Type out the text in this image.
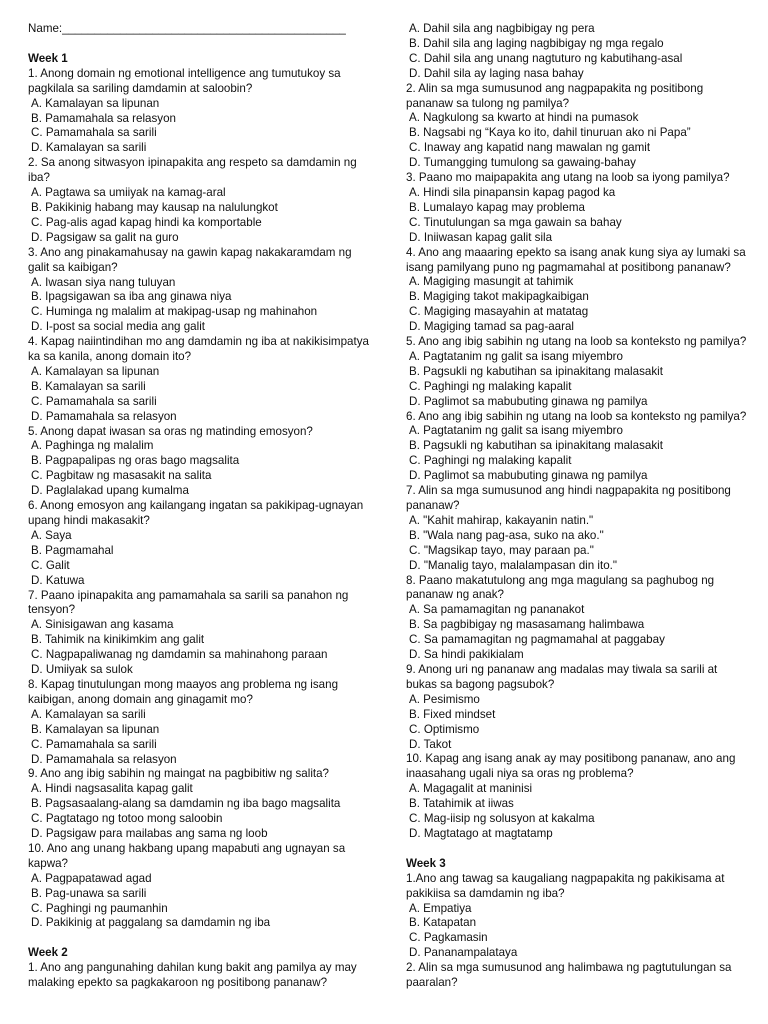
Name:____________________________________________
Week 1
1. Anong domain ng emotional intelligence ang tumutukoy sa
pagkilala sa sariling damdamin at saloobin?
A. Kamalayan sa lipunan
B. Pamamahala sa relasyon
C. Pamamahala sa sarili
D. Kamalayan sa sarili
2. Sa anong sitwasyon ipinapakita ang respeto sa damdamin ng
iba?
A. Pagtawa sa umiiyak na kamag-aral
B. Pakikinig habang may kausap na nalulungkot
C. Pag-alis agad kapag hindi ka komportable
D. Pagsigaw sa galit na guro
3. Ano ang pinakamahusay na gawin kapag nakakaramdam ng
galit sa kaibigan?
A. Iwasan siya nang tuluyan
B. Ipagsigawan sa iba ang ginawa niya
C. Huminga ng malalim at makipag-usap ng mahinahon
D. I-post sa social media ang galit
4. Kapag naiintindihan mo ang damdamin ng iba at nakikisimpatya
ka sa kanila, anong domain ito?
A. Kamalayan sa lipunan
B. Kamalayan sa sarili
C. Pamamahala sa sarili
D. Pamamahala sa relasyon
5. Anong dapat iwasan sa oras ng matinding emosyon?
A. Paghinga ng malalim
B. Pagpapalipas ng oras bago magsalita
C. Pagbitaw ng masasakit na salita
D. Paglalakad upang kumalma
6. Anong emosyon ang kailangang ingatan sa pakikipag-ugnayan
upang hindi makasakit?
A. Saya
B. Pagmamahal
C. Galit
D. Katuwa
7. Paano ipinapakita ang pamamahala sa sarili sa panahon ng
tensyon?
A. Sinisigawan ang kasama
B. Tahimik na kinikimkim ang galit
C. Nagpapaliwanag ng damdamin sa mahinahong paraan
D. Umiiyak sa sulok
8. Kapag tinutulungan mong maayos ang problema ng isang
kaibigan, anong domain ang ginagamit mo?
A. Kamalayan sa sarili
B. Kamalayan sa lipunan
C. Pamamahala sa sarili
D. Pamamahala sa relasyon
9. Ano ang ibig sabihin ng maingat na pagbibitiw ng salita?
A. Hindi nagsasalita kapag galit
B. Pagsasaalang-alang sa damdamin ng iba bago magsalita
C. Pagtatago ng totoo mong saloobin
D. Pagsigaw para mailabas ang sama ng loob
10. Ano ang unang hakbang upang mapabuti ang ugnayan sa
kapwa?
A. Pagpapatawad agad
B. Pag-unawa sa sarili
C. Paghingi ng paumanhin
D. Pakikinig at paggalang sa damdamin ng iba
Week 2
1. Ano ang pangunahing dahilan kung bakit ang pamilya ay may
malaking epekto sa pagkakaroon ng positibong pananaw?
A. Dahil sila ang nagbibigay ng pera
B. Dahil sila ang laging nagbibigay ng mga regalo
C. Dahil sila ang unang nagtuturo ng kabutihang-asal
D. Dahil sila ay laging nasa bahay
2. Alin sa mga sumusunod ang nagpapakita ng positibong
pananaw sa tulong ng pamilya?
A. Nagkulong sa kwarto at hindi na pumasok
B. Nagsabi ng “Kaya ko ito, dahil tinuruan ako ni Papa”
C. Inaway ang kapatid nang mawalan ng gamit
D. Tumangging tumulong sa gawaing-bahay
3. Paano mo maipapakita ang utang na loob sa iyong pamilya?
A. Hindi sila pinapansin kapag pagod ka
B. Lumalayo kapag may problema
C. Tinutulungan sa mga gawain sa bahay
D. Iniiwasan kapag galit sila
4. Ano ang maaaring epekto sa isang anak kung siya ay lumaki sa
isang pamilyang puno ng pagmamahal at positibong pananaw?
A. Magiging masungit at tahimik
B. Magiging takot makipagkaibigan
C. Magiging masayahin at matatag
D. Magiging tamad sa pag-aaral
5. Ano ang ibig sabihin ng utang na loob sa konteksto ng pamilya?
A. Pagtatanim ng galit sa isang miyembro
B. Pagsukli ng kabutihan sa ipinakitang malasakit
C. Paghingi ng malaking kapalit
D. Paglimot sa mabubuting ginawa ng pamilya
6. Ano ang ibig sabihin ng utang na loob sa konteksto ng pamilya?
A. Pagtatanim ng galit sa isang miyembro
B. Pagsukli ng kabutihan sa ipinakitang malasakit
C. Paghingi ng malaking kapalit
D. Paglimot sa mabubuting ginawa ng pamilya
7. Alin sa mga sumusunod ang hindi nagpapakita ng positibong
pananaw?
A. "Kahit mahirap, kakayanin natin."
B. "Wala nang pag-asa, suko na ako."
C. "Magsikap tayo, may paraan pa."
D. "Manalig tayo, malalampasan din ito."
8. Paano makatutulong ang mga magulang sa paghubog ng
pananaw ng anak?
A. Sa pamamagitan ng pananakot
B. Sa pagbibigay ng masasamang halimbawa
C. Sa pamamagitan ng pagmamahal at paggabay
D. Sa hindi pakikialam
9. Anong uri ng pananaw ang madalas may tiwala sa sarili at
bukas sa bagong pagsubok?
A. Pesimismo
B. Fixed mindset
C. Optimismo
D. Takot
10. Kapag ang isang anak ay may positibong pananaw, ano ang
inaasahang ugali niya sa oras ng problema?
A. Magagalit at maninisi
B. Tatahimik at iiwas
C. Mag-iisip ng solusyon at kakalma
D. Magtatago at magtatamp
Week 3
1.Ano ang tawag sa kaugaliang nagpapakita ng pakikisama at
pakikiisa sa damdamin ng iba?
A. Empatiya
B. Katapatan
C. Pagkamasin
D. Pananampalataya
2. Alin sa mga sumusunod ang halimbawa ng pagtutulungan sa
paaralan?
